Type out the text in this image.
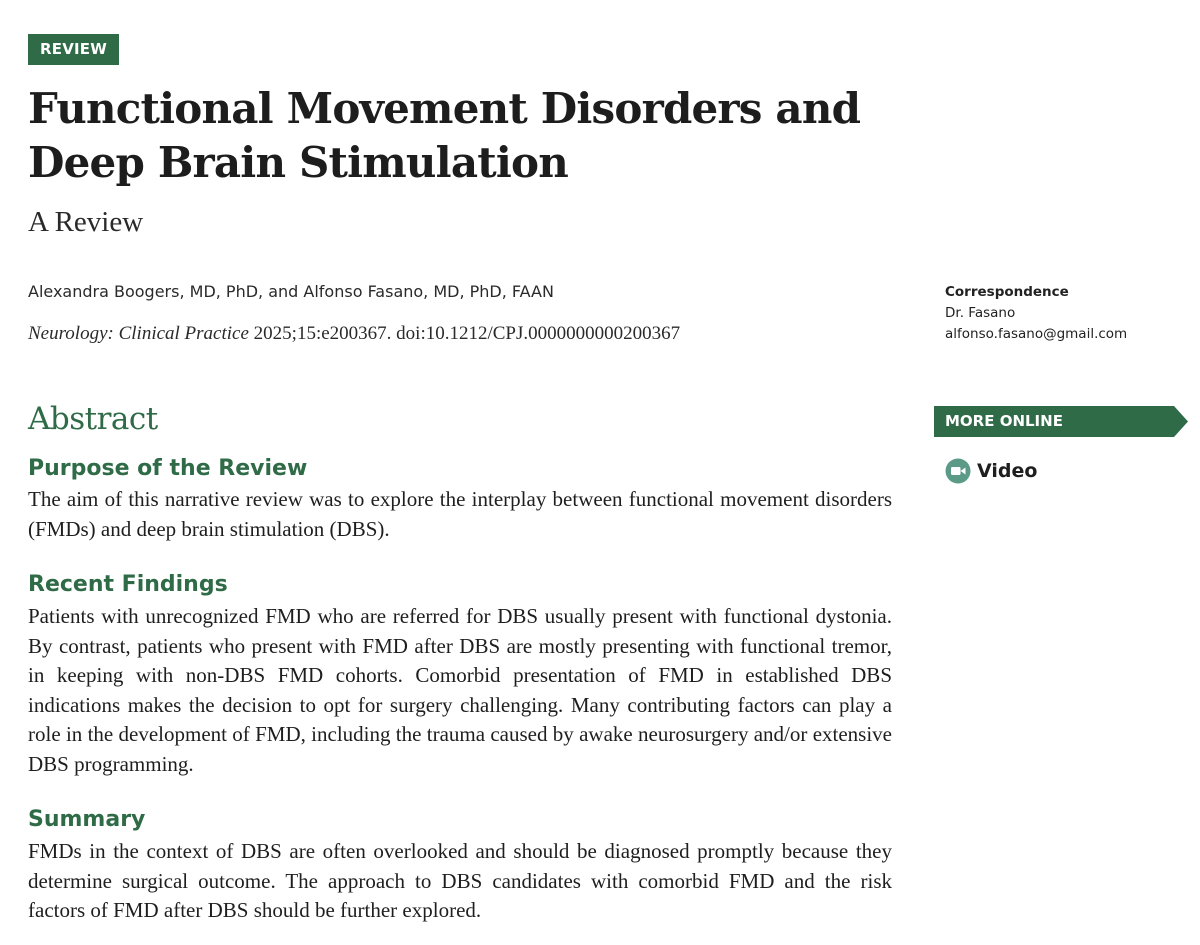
REVIEW
Functional Movement Disorders and Deep Brain Stimulation
A Review
Alexandra Boogers, MD, PhD, and Alfonso Fasano, MD, PhD, FAAN
Neurology: Clinical Practice 2025;15:e200367. doi:10.1212/CPJ.0000000000200367
Correspondence
Dr. Fasano
alfonso.fasano@gmail.com
MORE ONLINE
Video
Abstract
Purpose of the Review

The aim of this narrative review was to explore the interplay between functional movement disorders (FMDs) and deep brain stimulation (DBS).

Recent Findings

Patients with unrecognized FMD who are referred for DBS usually present with functional dystonia. By contrast, patients who present with FMD after DBS are mostly presenting with functional tremor, in keeping with non-DBS FMD cohorts. Comorbid presentation of FMD in established DBS indications makes the decision to opt for surgery challenging. Many contributing factors can play a role in the development of FMD, including the trauma caused by awake neurosurgery and/or extensive DBS programming.

Summary

FMDs in the context of DBS are often overlooked and should be diagnosed promptly because they determine surgical outcome. The approach to DBS candidates with comorbid FMD and the risk factors of FMD after DBS should be further explored.
